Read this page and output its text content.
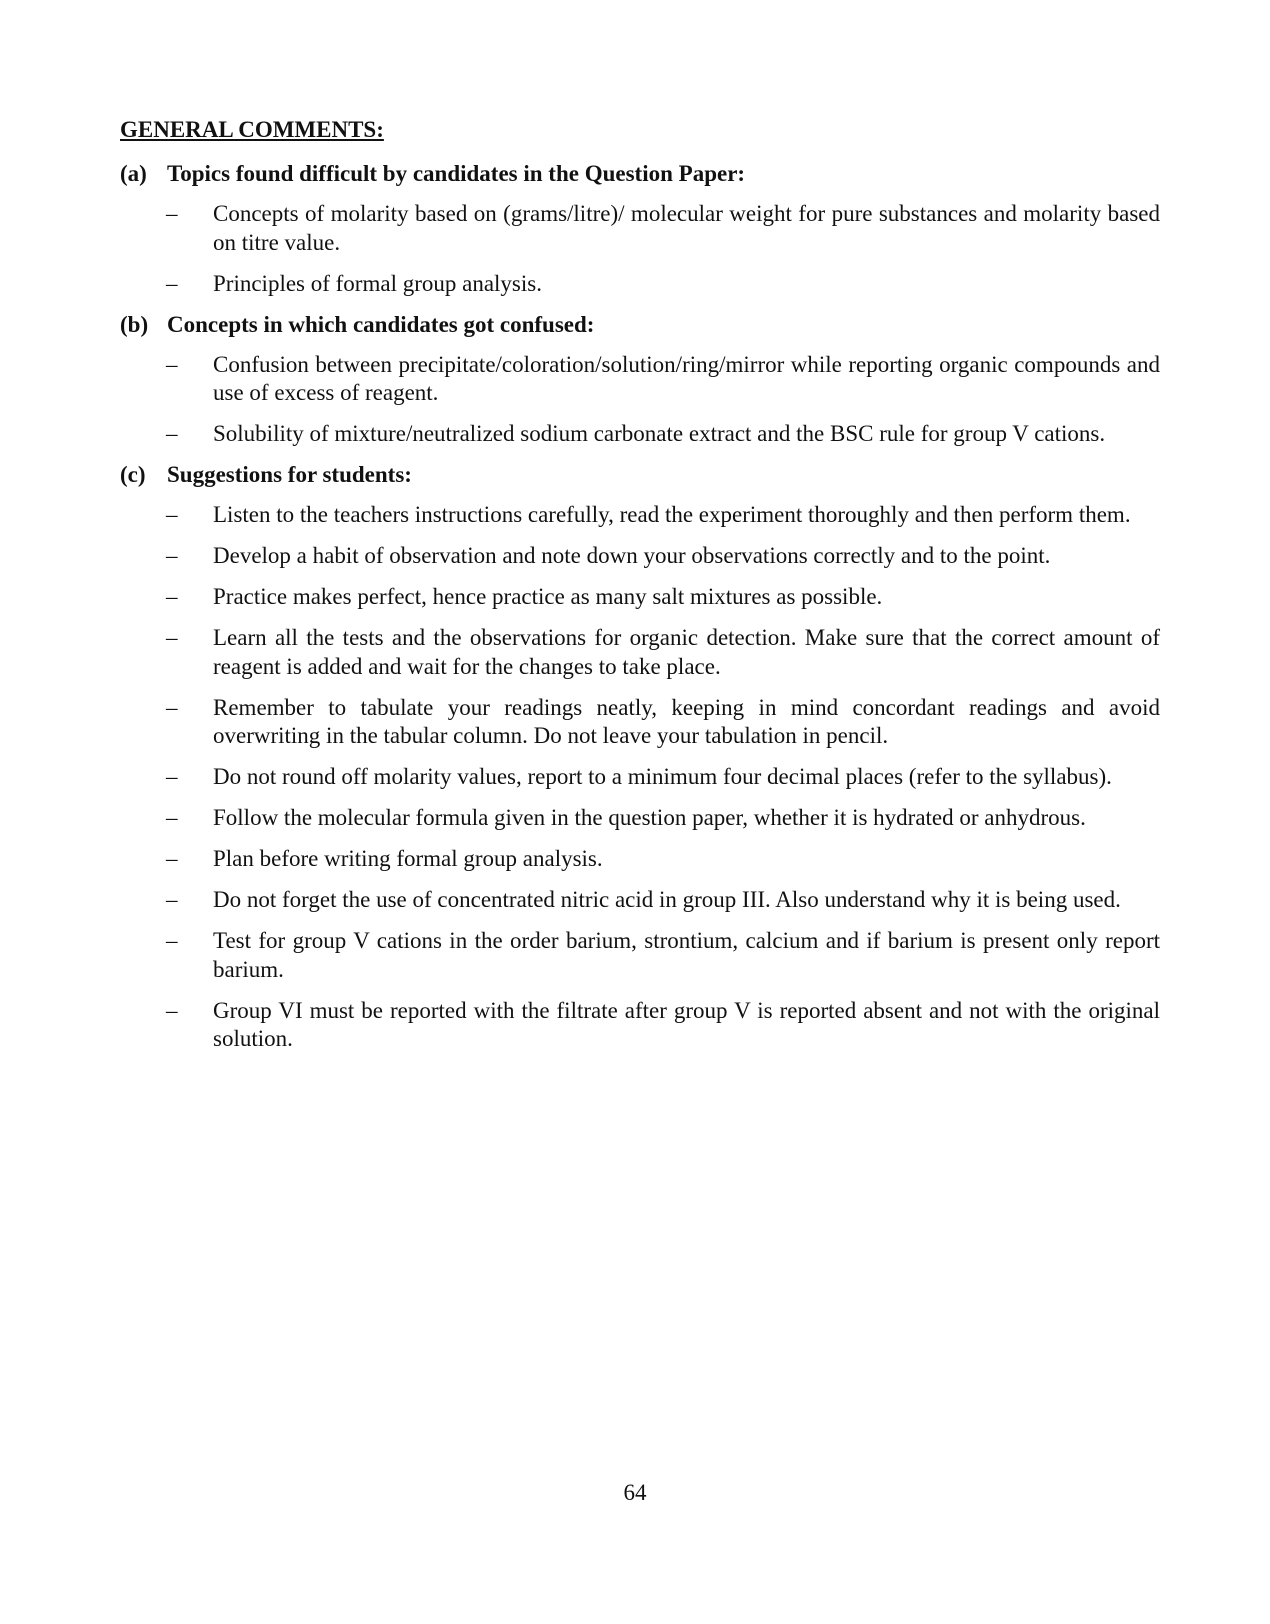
GENERAL COMMENTS:
(a) Topics found difficult by candidates in the Question Paper:
–	Concepts of molarity based on (grams/litre)/ molecular weight for pure substances and molarity based on titre value.
–	Principles of formal group analysis.
(b) Concepts in which candidates got confused:
–	Confusion between precipitate/coloration/solution/ring/mirror while reporting organic compounds and use of excess of reagent.
–	Solubility of mixture/neutralized sodium carbonate extract and the BSC rule for group V cations.
(c) Suggestions for students:
–	Listen to the teachers instructions carefully, read the experiment thoroughly and then perform them.
–	Develop a habit of observation and note down your observations correctly and to the point.
–	Practice makes perfect, hence practice as many salt mixtures as possible.
–	Learn all the tests and the observations for organic detection. Make sure that the correct amount of reagent is added and wait for the changes to take place.
–	Remember to tabulate your readings neatly, keeping in mind concordant readings and avoid overwriting in the tabular column. Do not leave your tabulation in pencil.
–	Do not round off molarity values, report to a minimum four decimal places (refer to the syllabus).
–	Follow the molecular formula given in the question paper, whether it is hydrated or anhydrous.
–	Plan before writing formal group analysis.
–	Do not forget the use of concentrated nitric acid in group III. Also understand why it is being used.
–	Test for group V cations in the order barium, strontium, calcium and if barium is present only report barium.
–	Group VI must be reported with the filtrate after group V is reported absent and not with the original solution.
64
